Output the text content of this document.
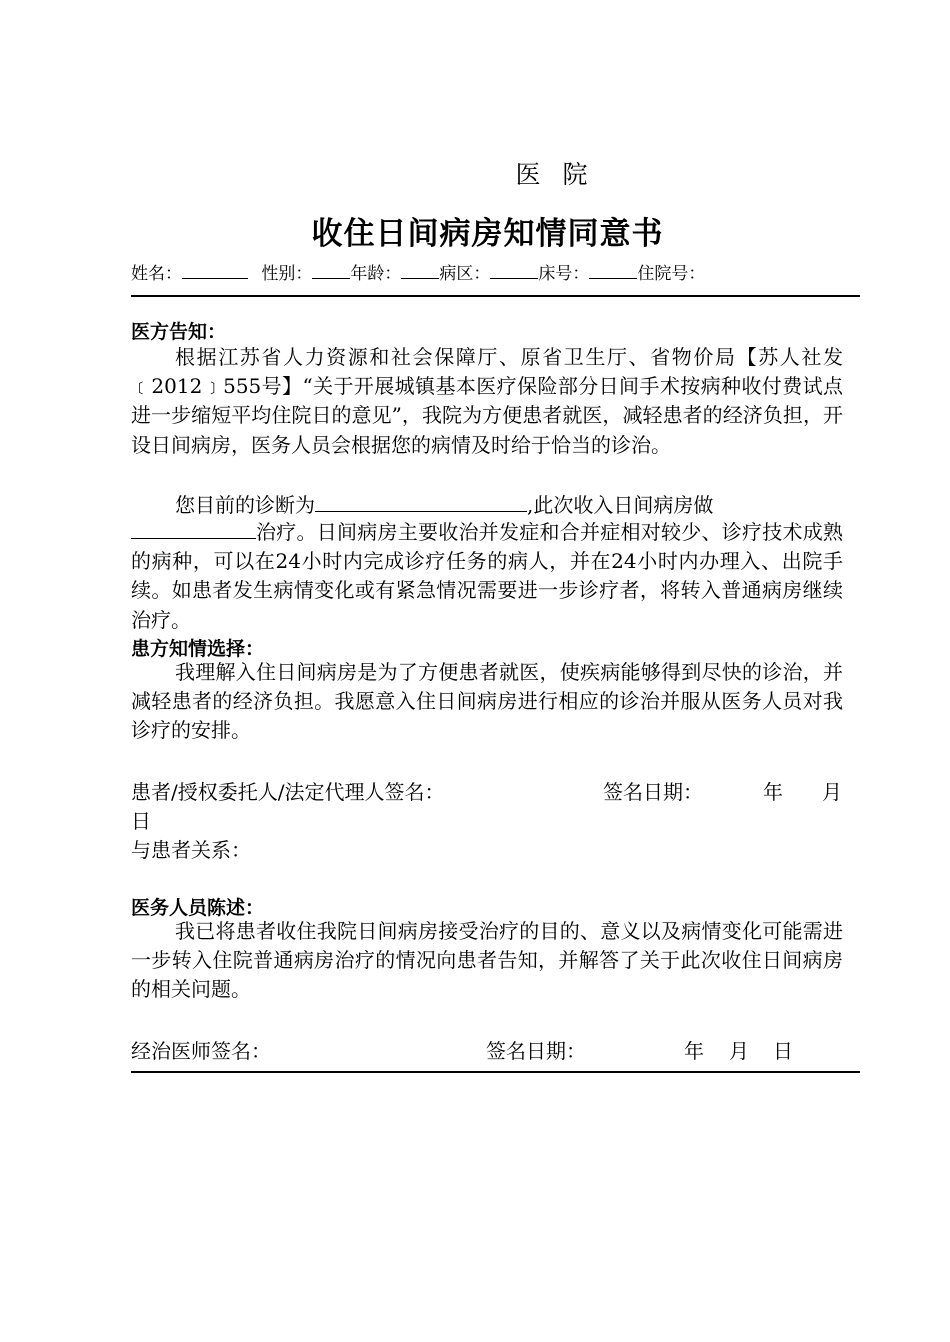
医院
收住日间病房知情同意书
姓名：	性别： 年龄： 病区：	床号：	住院号：
医方告知：

根据江苏省人力资源和社会保障厅、原省卫生厅、省物价局【苏人社发﹝2012﹞555号】“关于开展城镇基本医疗保险部分日间手术按病种收付费试点进一步缩短平均住院日的意见”，我院为方便患者就医，减轻患者的经济负担，开设日间病房，医务人员会根据您的病情及时给于恰当的诊治。

您目前的诊断为	,此次收入日间病房做

治疗。日间病房主要收治并发症和合并症相对较少、诊疗技术成熟的病种，可以在24小时内完成诊疗任务的病人，并在24小时内办理入、出院手续。如患者发生病情变化或有紧急情况需要进一步诊疗者，将转入普通病房继续治疗。

患方知情选择：

我理解入住日间病房是为了方便患者就医，使疾病能够得到尽快的诊治，并减轻患者的经济负担。我愿意入住日间病房进行相应的诊治并服从医务人员对我诊疗的安排。

患者/授权委托人/法定代理人签名：	签名日期：	年 月
日
与患者关系：
医务人员陈述：

我已将患者收住我院日间病房接受治疗的目的、意义以及病情变化可能需进一步转入住院普通病房治疗的情况向患者告知，并解答了关于此次收住日间病房的相关问题。

经治医师签名：	签名日期：	年 月 日
